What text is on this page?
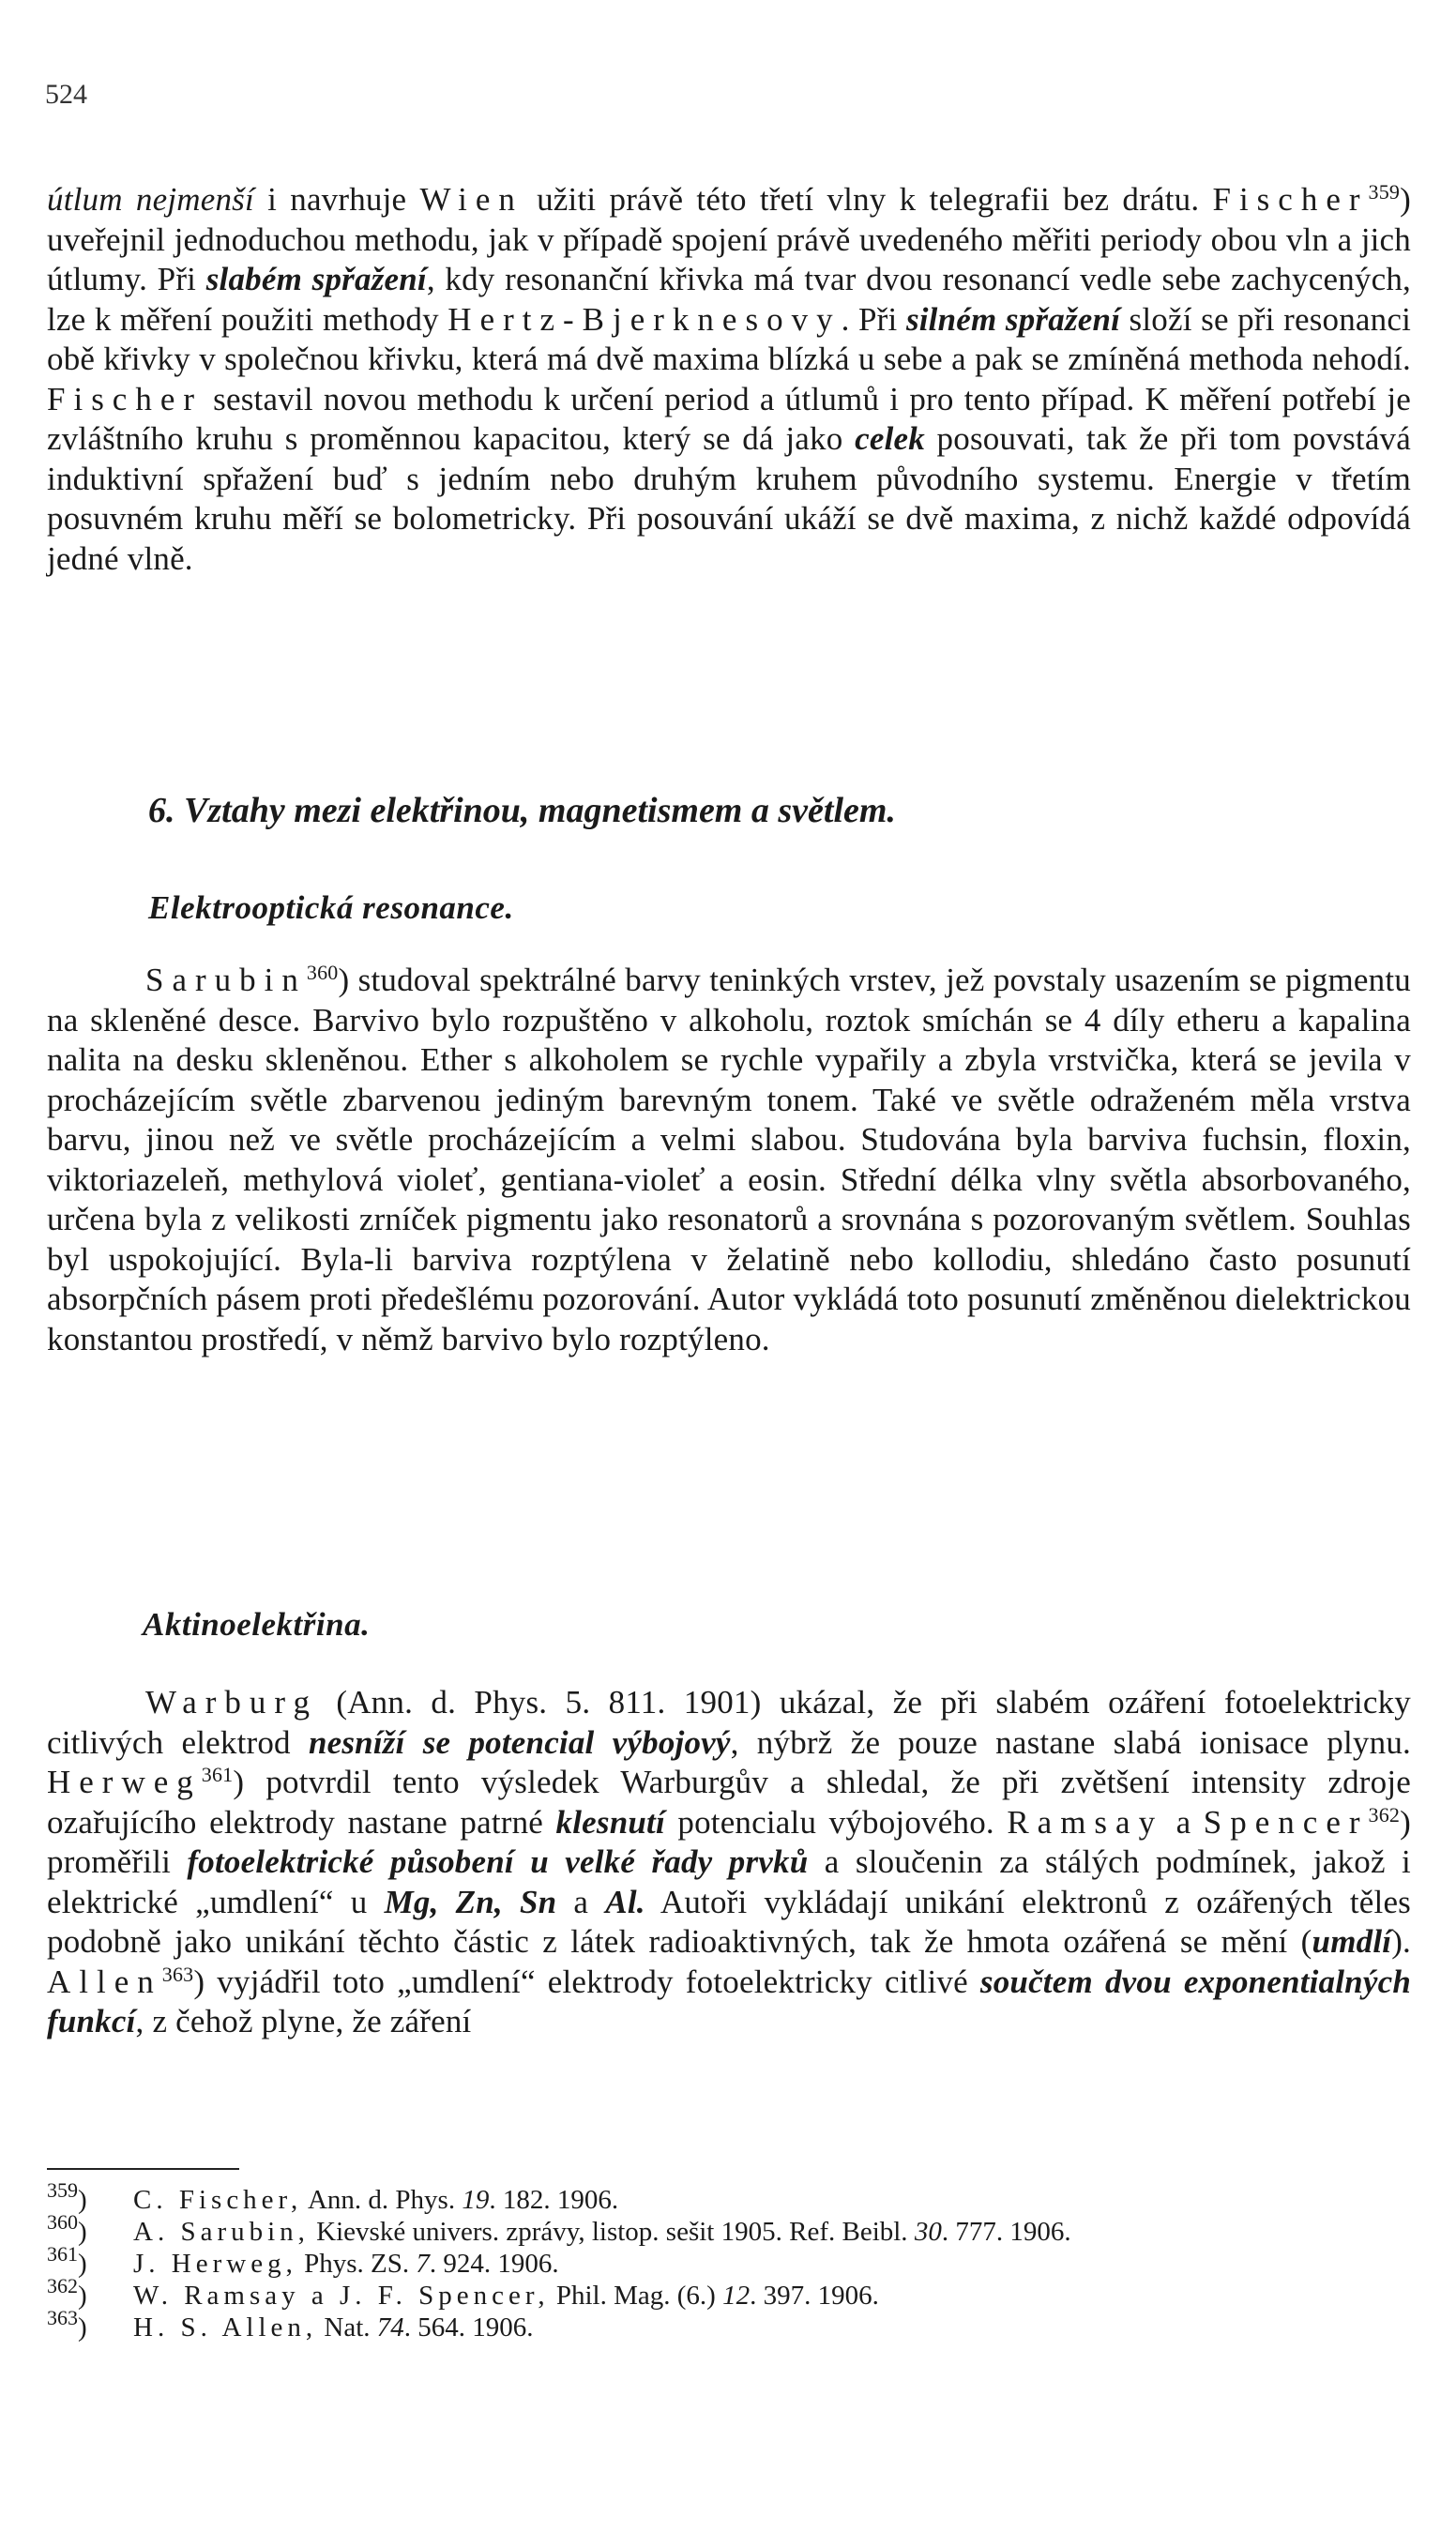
524

útlum nejmenší i navrhuje Wien užiti právě této třetí vlny k telegrafii bez drátu. Fischer$^{359}$) uveřejnil jednoduchou methodu, jak v případě spojení právě uvedeného měřiti periody obou vln a jich útlumy. Při slabém spřažení, kdy resonanční křivka má tvar dvou resonancí vedle sebe zachycených, lze k měření použiti methody Hertz-Bjerknesovy. Při silném spřažení složí se při resonanci obě křivky v společnou křivku, která má dvě maxima blízká u sebe a pak se zmíněná methoda nehodí. Fischer sestavil novou methodu k určení period a útlumů i pro tento případ. K měření potřebí je zvláštního kruhu s proměnnou kapacitou, který se dá jako celek posouvati, tak že při tom povstává induktivní spřažení buď s jedním nebo druhým kruhem původního systemu. Energie v třetím posuvném kruhu měří se bolometricky. Při posouvání ukáží se dvě maxima, z nichž každé odpovídá jedné vlně.

6. Vztahy mezi elektřinou, magnetismem a světlem.
Elektrooptická resonance.

Sarubin$^{360}$) studoval spektrálné barvy teninkých vrstev, jež povstaly usazením se pigmentu na skleněné desce. Barvivo bylo rozpuštěno v alkoholu, roztok smíchán se 4 díly etheru a kapalina nalita na desku skleněnou. Ether s alkoholem se rychle vypařily a zbyla vrstvička, která se jevila v procházejícím světle zbarvenou jediným barevným tonem. Také ve světle odraženém měla vrstva barvu, jinou než ve světle procházejícím a velmi slabou. Studována byla barviva fuchsin, floxin, viktoriazeleň, methylová violeť, gentiana-violeť a eosin. Střední délka vlny světla absorbovaného, určena byla z velikosti zrníček pigmentu jako resonatorů a srovnána s pozorovaným světlem. Souhlas byl uspokojující. Byla-li barviva rozptýlena v želatině nebo kollodiu, shledáno často posunutí absorpčních pásem proti předešlému pozorování. Autor vykládá toto posunutí změněnou dielektrickou konstantou prostředí, v němž barvivo bylo rozptýleno.

Aktinoelektřina.

Warburg (Ann. d. Phys. 5. 811. 1901) ukázal, že při slabém ozáření fotoelektricky citlivých elektrod nesníží se potencial výbojový, nýbrž že pouze nastane slabá ionisace plynu. Herweg$^{361}$) potvrdil tento výsledek Warburgův a shledal, že při zvětšení intensity zdroje ozařujícího elektrody nastane patrné klesnutí potencialu výbojového. Ramsay a Spencer$^{362}$) proměřili fotoelektrické působení u velké řady prvků a sloučenin za stálých podmínek, jakož i elektrické „umdlení“ u Mg, Zn, Sn a Al. Autoři vykládají unikání elektronů z ozářených těles podobně jako unikání těchto částic z látek radioaktivných, tak že hmota ozářená se mění (umdlí). Allen$^{363}$) vyjádřil toto „umdlení“ elektrody fotoelektricky citlivé součtem dvou exponentialných funkcí, z čehož plyne, že záření

$^{359}$) C. Fischer, Ann. d. Phys. 19. 182. 1906.

$^{360}$) A. Sarubin, Kievské univers. zprávy, listop. sešit 1905. Ref. Beibl. 30. 777. 1906.

$^{361}$) J. Herweg, Phys. ZS. 7. 924. 1906.

$^{362}$) W. Ramsay a J. F. Spencer, Phil. Mag. (6.) 12. 397. 1906.

$^{363}$) H. S. Allen, Nat. 74. 564. 1906.
